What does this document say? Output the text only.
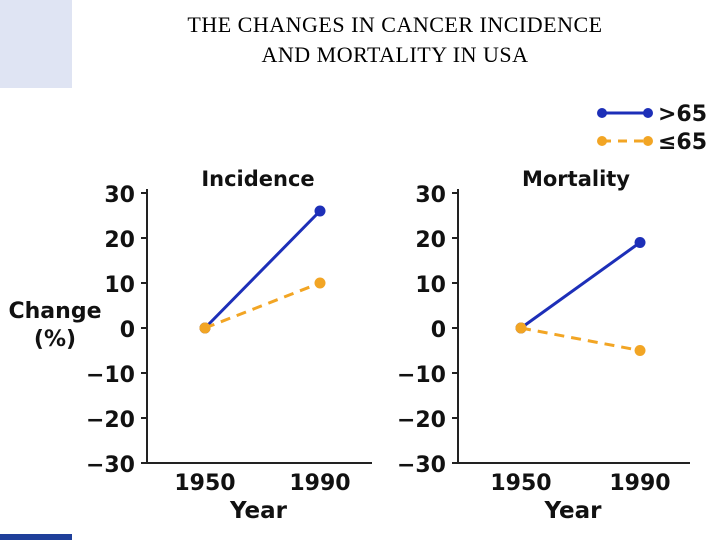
THE CHANGES IN CANCER INCIDENCE
AND MORTALITY IN USA
30
20
10
0
−10
−20
−30
1950 1990
Year
Incidence
Change
(%)
30
20
10
0
−10
−20
−30
1950	1990
Year
Mortality
>65
≤65
